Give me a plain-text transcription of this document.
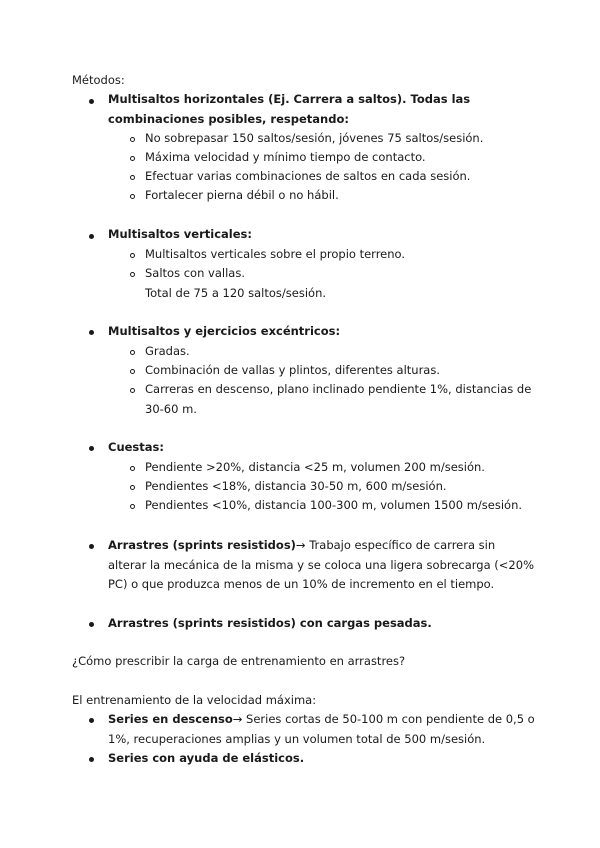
Métodos:
Multisaltos horizontales (Ej. Carrera a saltos). Todas las
combinaciones posibles, respetando:
No sobrepasar 150 saltos/sesión, jóvenes 75 saltos/sesión.
Máxima velocidad y mínimo tiempo de contacto.
Efectuar varias combinaciones de saltos en cada sesión.
Fortalecer pierna débil o no hábil.
Multisaltos verticales:
Multisaltos verticales sobre el propio terreno.
Saltos con vallas.
Total de 75 a 120 saltos/sesión.
Multisaltos y ejercicios excéntricos:
Gradas.
Combinación de vallas y plintos, diferentes alturas.
Carreras en descenso, plano inclinado pendiente 1%, distancias de
30-60 m.
Cuestas:
Pendiente >20%, distancia <25 m, volumen 200 m/sesión.
Pendientes <18%, distancia 30-50 m, 600 m/sesión.
Pendientes <10%, distancia 100-300 m, volumen 1500 m/sesión.
Arrastres (sprints resistidos)→ Trabajo específico de carrera sin
alterar la mecánica de la misma y se coloca una ligera sobrecarga (<20%
PC) o que produzca menos de un 10% de incremento en el tiempo.
Arrastres (sprints resistidos) con cargas pesadas.
¿Cómo prescribir la carga de entrenamiento en arrastres?
El entrenamiento de la velocidad máxima:
Series en descenso→ Series cortas de 50-100 m con pendiente de 0,5 o
1%, recuperaciones amplias y un volumen total de 500 m/sesión.
Series con ayuda de elásticos.
